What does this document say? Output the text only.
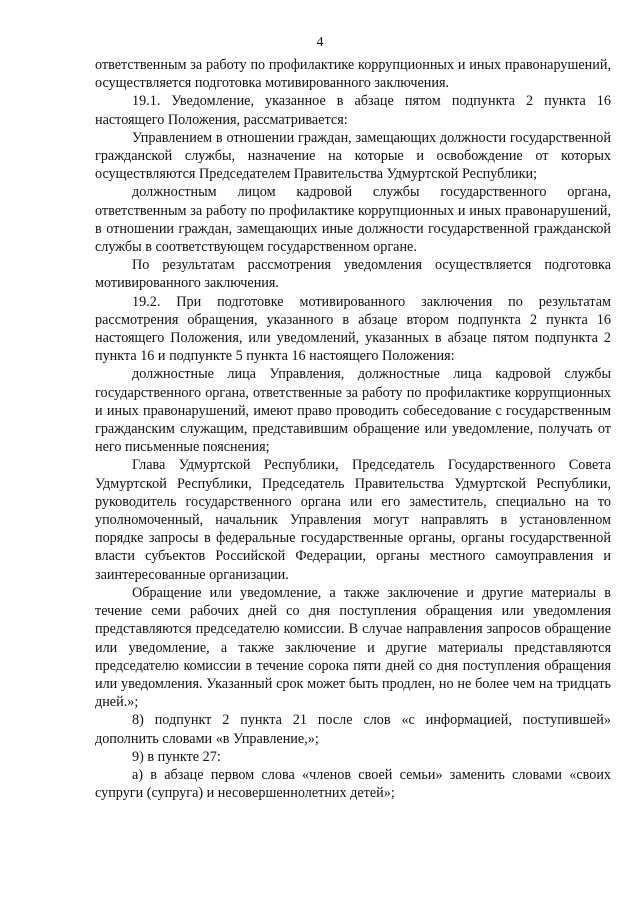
4

ответственным за работу по профилактике коррупционных и иных правонарушений, осуществляется подготовка мотивированного заключения.

19.1. Уведомление, указанное в абзаце пятом подпункта 2 пункта 16 настоящего Положения, рассматривается:

Управлением в отношении граждан, замещающих должности государственной гражданской службы, назначение на которые и освобождение от которых осуществляются Председателем Правительства Удмуртской Республики;

должностным лицом кадровой службы государственного органа, ответственным за работу по профилактике коррупционных и иных правонарушений, в отношении граждан, замещающих иные должности государственной гражданской службы в соответствующем государственном органе.

По результатам рассмотрения уведомления осуществляется подготовка мотивированного заключения.

19.2. При подготовке мотивированного заключения по результатам рассмотрения обращения, указанного в абзаце втором подпункта 2 пункта 16 настоящего Положения, или уведомлений, указанных в абзаце пятом подпункта 2 пункта 16 и подпункте 5 пункта 16 настоящего Положения:

должностные лица Управления, должностные лица кадровой службы государственного органа, ответственные за работу по профилактике коррупционных и иных правонарушений, имеют право проводить собеседование с государственным гражданским служащим, представившим обращение или уведомление, получать от него письменные пояснения;

Глава Удмуртской Республики, Председатель Государственного Совета Удмуртской Республики, Председатель Правительства Удмуртской Республики, руководитель государственного органа или его заместитель, специально на то уполномоченный, начальник Управления могут направлять в установленном порядке запросы в федеральные государственные органы, органы государственной власти субъектов Российской Федерации, органы местного самоуправления и заинтересованные организации.

Обращение или уведомление, а также заключение и другие материалы в течение семи рабочих дней со дня поступления обращения или уведомления представляются председателю комиссии. В случае направления запросов обращение или уведомление, а также заключение и другие материалы представляются председателю комиссии в течение сорока пяти дней со дня поступления обращения или уведомления. Указанный срок может быть продлен, но не более чем на тридцать дней.»;

8) подпункт 2 пункта 21 после слов «с информацией, поступившей» дополнить словами «в Управление,»;

9) в пункте 27:

а) в абзаце первом слова «членов своей семьи» заменить словами «своих супруги (супруга) и несовершеннолетних детей»;
